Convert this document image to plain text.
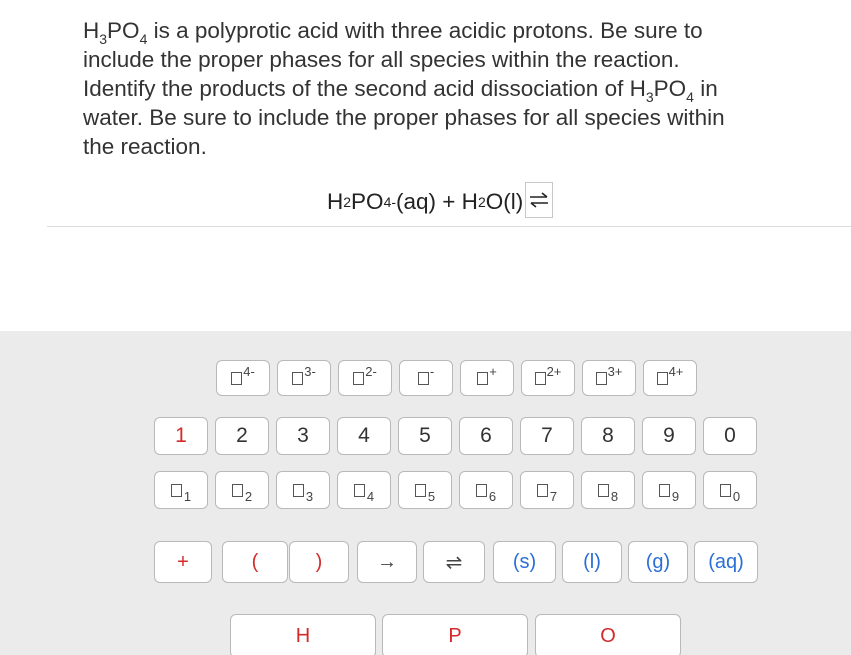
$H_3PO_4$ is a polyprotic acid with three acidic protons. Be sure to

include the proper phases for all species within the reaction.

Identify the products of the second acid dissociation of $H_3PO_4$ in

water. Be sure to include the proper phases for all species within

the reaction.

H 2 PO 4 - (aq) + H 2 O(l)
4-	3-	2-	-	+	2+	3+	4+
1	2	3	4	5	6	7	8	9	0
1	2	3	4	5	6	7	8	9	0
+	(	)	→	⇌	(s)	(l)	(g)	(aq)
H	P	O
